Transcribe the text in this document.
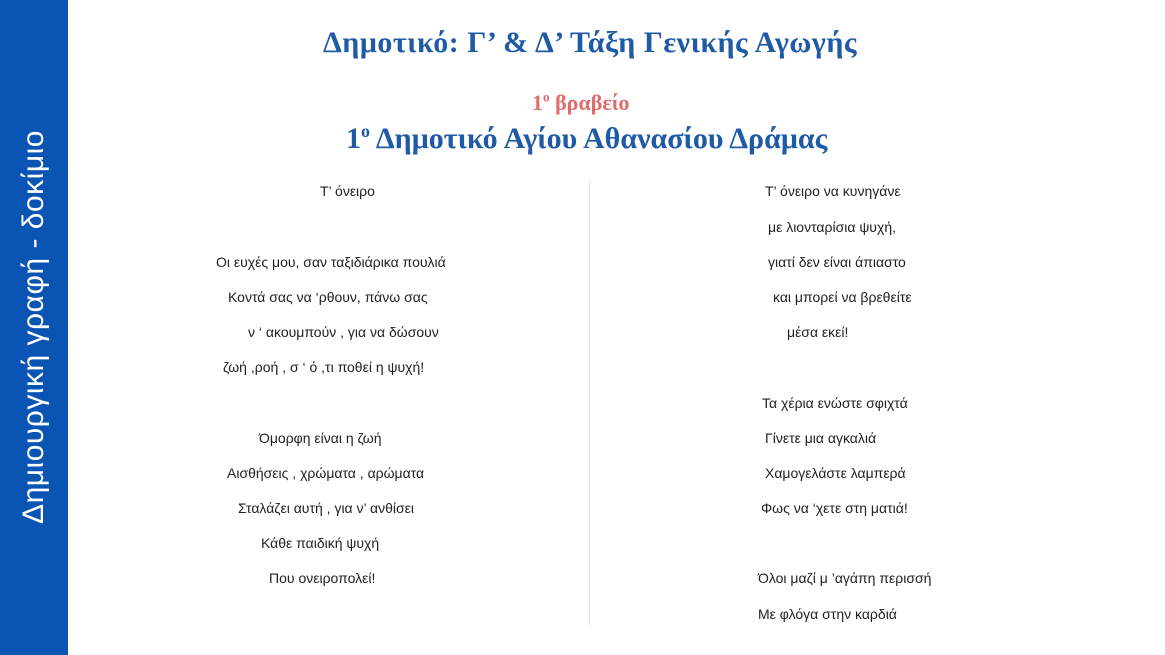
Δημιουργική γραφή - δοκίμιο
Δημοτικό: Γ’ & Δ’ Τάξη Γενικής Αγωγής
$1^o$ βραβείο
$1^o$ Δημοτικό Αγίου Αθανασίου Δράμας
Τ’ όνειρο
Οι ευχές μου, σαν ταξιδιάρικα πουλιά
Κοντά σας να ‘ρθουν, πάνω σας
ν ‘ ακουμπούν , για να δώσουν
ζωή ,ροή , σ ‘ ό ,τι ποθεί η ψυχή!
Όμορφη είναι η ζωή
Αισθήσεις , χρώματα , αρώματα
Σταλάζει αυτή , για ν’ ανθίσει
Κάθε παιδική ψυχή
Που ονειροπολεί!
Τ’ όνειρο να κυνηγάνε
με λιονταρίσια ψυχή,
γιατί δεν είναι άπιαστο
και μπορεί να βρεθείτε
μέσα εκεί!
Τα χέρια ενώστε σφιχτά
Γίνετε μια αγκαλιά
Χαμογελάστε λαμπερά
Φως να ‘χετε στη ματιά!
Όλοι μαζί μ ’αγάπη περισσή
Με φλόγα στην καρδιά
